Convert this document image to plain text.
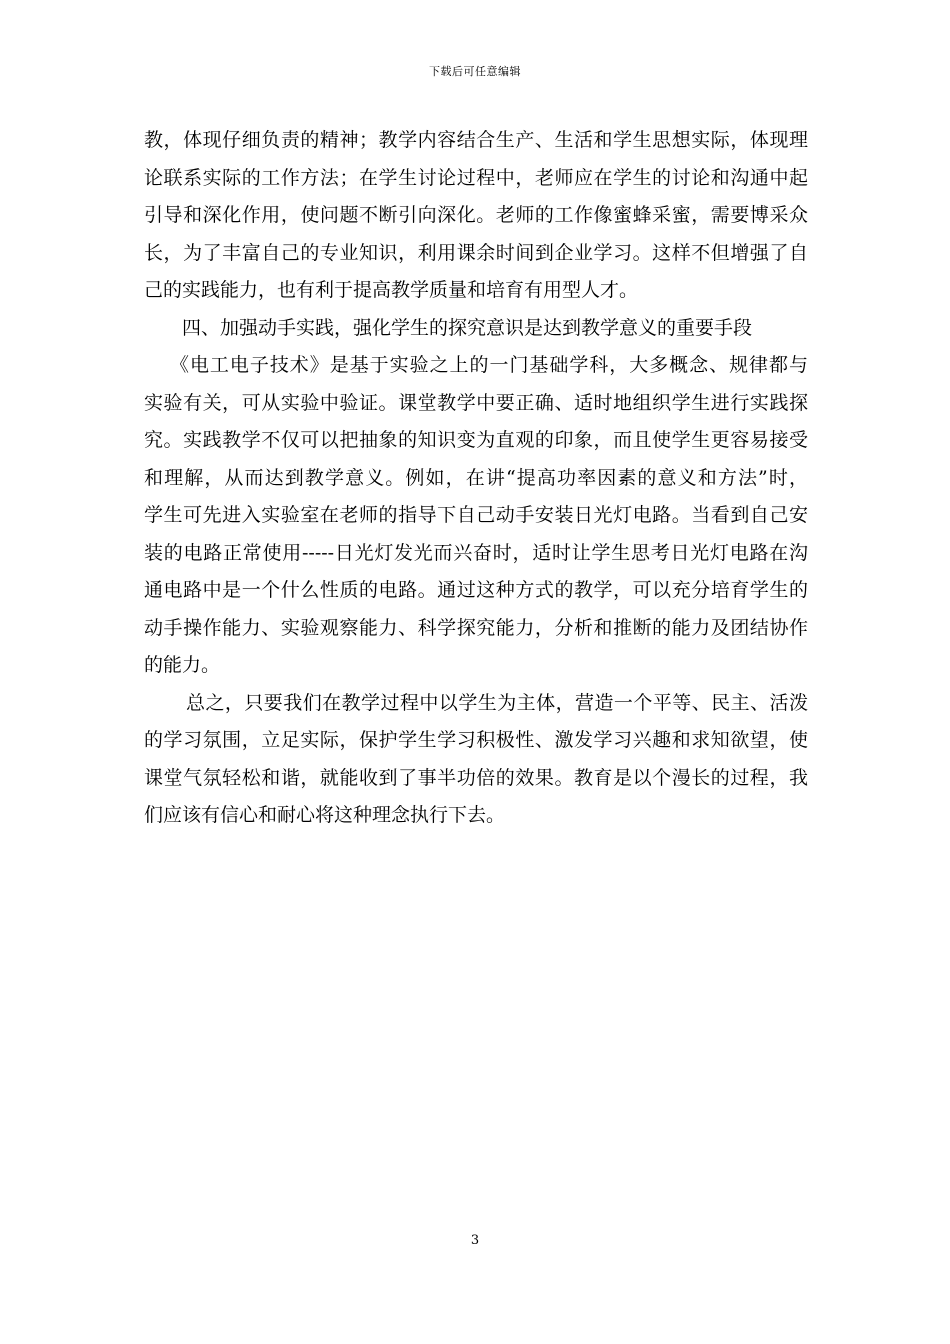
下载后可任意编辑
教，体现仔细负责的精神；教学内容结合生产、生活和学生思想实际，体现理
论联系实际的工作方法；在学生讨论过程中，老师应在学生的讨论和沟通中起
引导和深化作用，使问题不断引向深化。老师的工作像蜜蜂采蜜，需要博采众
长，为了丰富自己的专业知识，利用课余时间到企业学习。这样不但增强了自
己的实践能力，也有利于提高教学质量和培育有用型人才。
四、加强动手实践，强化学生的探究意识是达到教学意义的重要手段
《电工电子技术》是基于实验之上的一门基础学科，大多概念、规律都与
实验有关，可从实验中验证。课堂教学中要正确、适时地组织学生进行实践探
究。实践教学不仅可以把抽象的知识变为直观的印象，而且使学生更容易接受
和理解，从而达到教学意义。例如，在讲“提高功率因素的意义和方法”时，
学生可先进入实验室在老师的指导下自己动手安装日光灯电路。当看到自己安
装的电路正常使用-----日光灯发光而兴奋时，适时让学生思考日光灯电路在沟
通电路中是一个什么性质的电路。通过这种方式的教学，可以充分培育学生的
动手操作能力、实验观察能力、科学探究能力，分析和推断的能力及团结协作
的能力。
总之，只要我们在教学过程中以学生为主体，营造一个平等、民主、活泼
的学习氛围，立足实际，保护学生学习积极性、激发学习兴趣和求知欲望，使
课堂气氛轻松和谐，就能收到了事半功倍的效果。教育是以个漫长的过程，我
们应该有信心和耐心将这种理念执行下去。
3
